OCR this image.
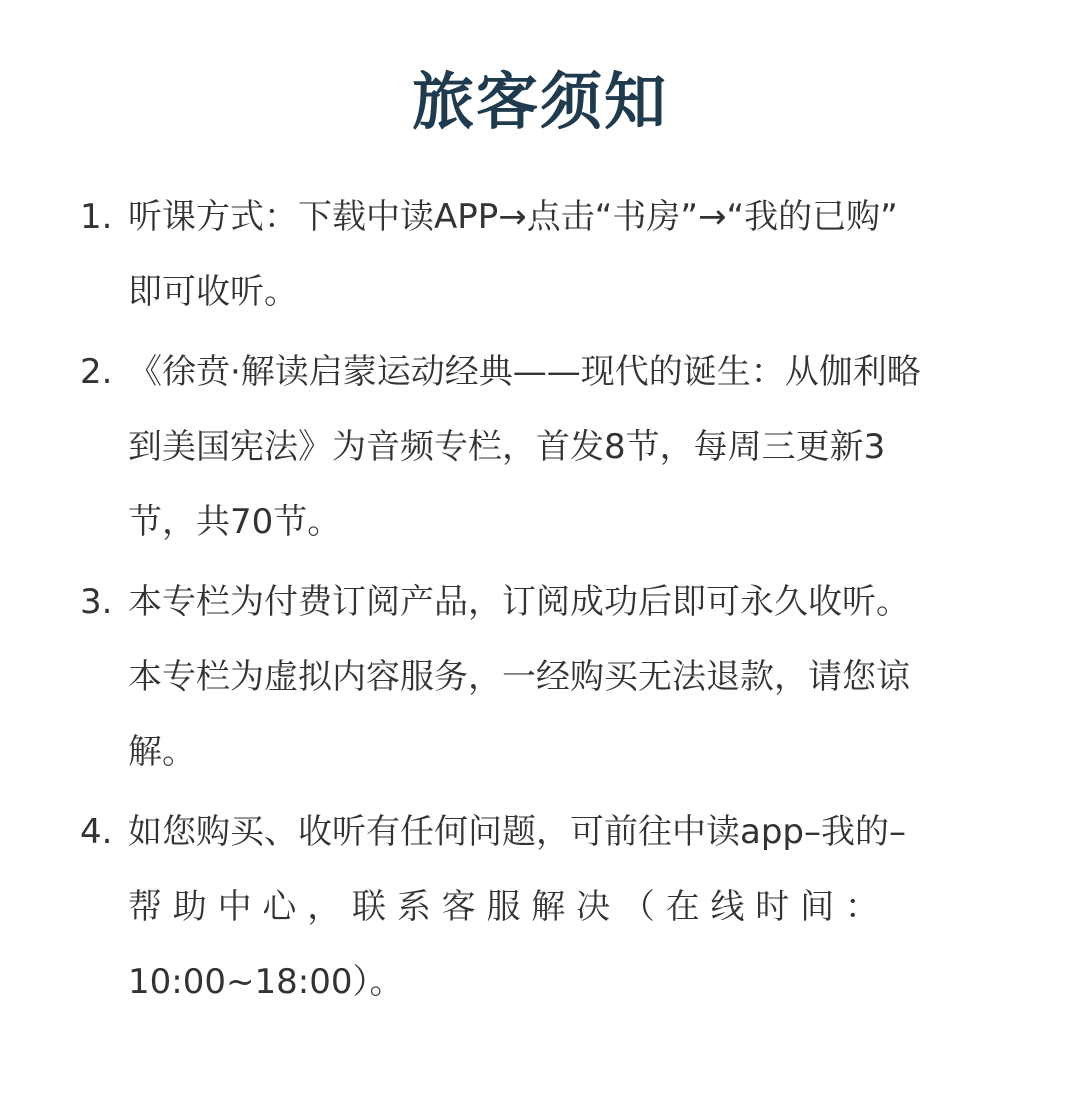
旅客须知
1. 听课方式：下载中读APP→点击“书房”→“我的已购”
即可收听。
2. 《徐贲·解读启蒙运动经典——现代的诞生：从伽利略
到美国宪法》为音频专栏，首发8节，每周三更新3
节，共70节。
3. 本专栏为付费订阅产品，订阅成功后即可永久收听。
本专栏为虚拟内容服务，一经购买无法退款，请您谅
解。
4. 如您购买、收听有任何问题，可前往中读app–我的–
帮 助 中 心 ， 联 系 客 服 解 决 （ 在 线 时 间 ：
10:00~18:00）。
